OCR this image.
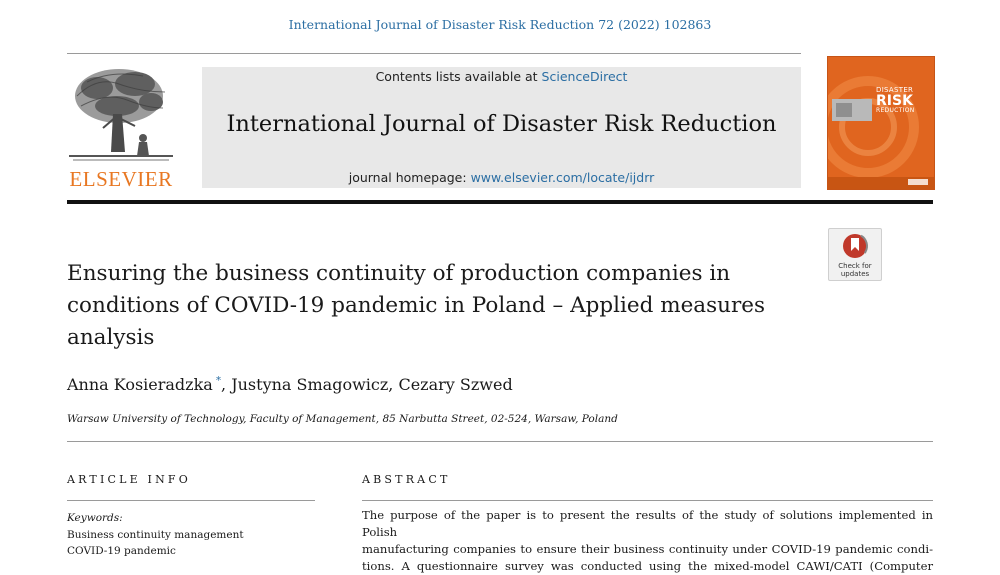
International Journal of Disaster Risk Reduction 72 (2022) 102863
ELSEVIER
Contents lists available at ScienceDirect
International Journal of Disaster Risk Reduction
journal homepage: www.elsevier.com/locate/ijdrr
DISASTER
RISK
REDUCTION
Check for
updates
Ensuring the business continuity of production companies in conditions of COVID-19 pandemic in Poland – Applied measures analysis
Anna Kosieradzka *, Justyna Smagowicz, Cezary Szwed
Warsaw University of Technology, Faculty of Management, 85 Narbutta Street, 02-524, Warsaw, Poland
ARTICLE INFO
Keywords:
Business continuity management
COVID-19 pandemic
ABSTRACT
The purpose of the paper is to present the results of the study of solutions implemented in Polish
manufacturing companies to ensure their business continuity under COVID-19 pandemic condi-
tions. A questionnaire survey was conducted using the mixed-model CAWI/CATI (Computer
